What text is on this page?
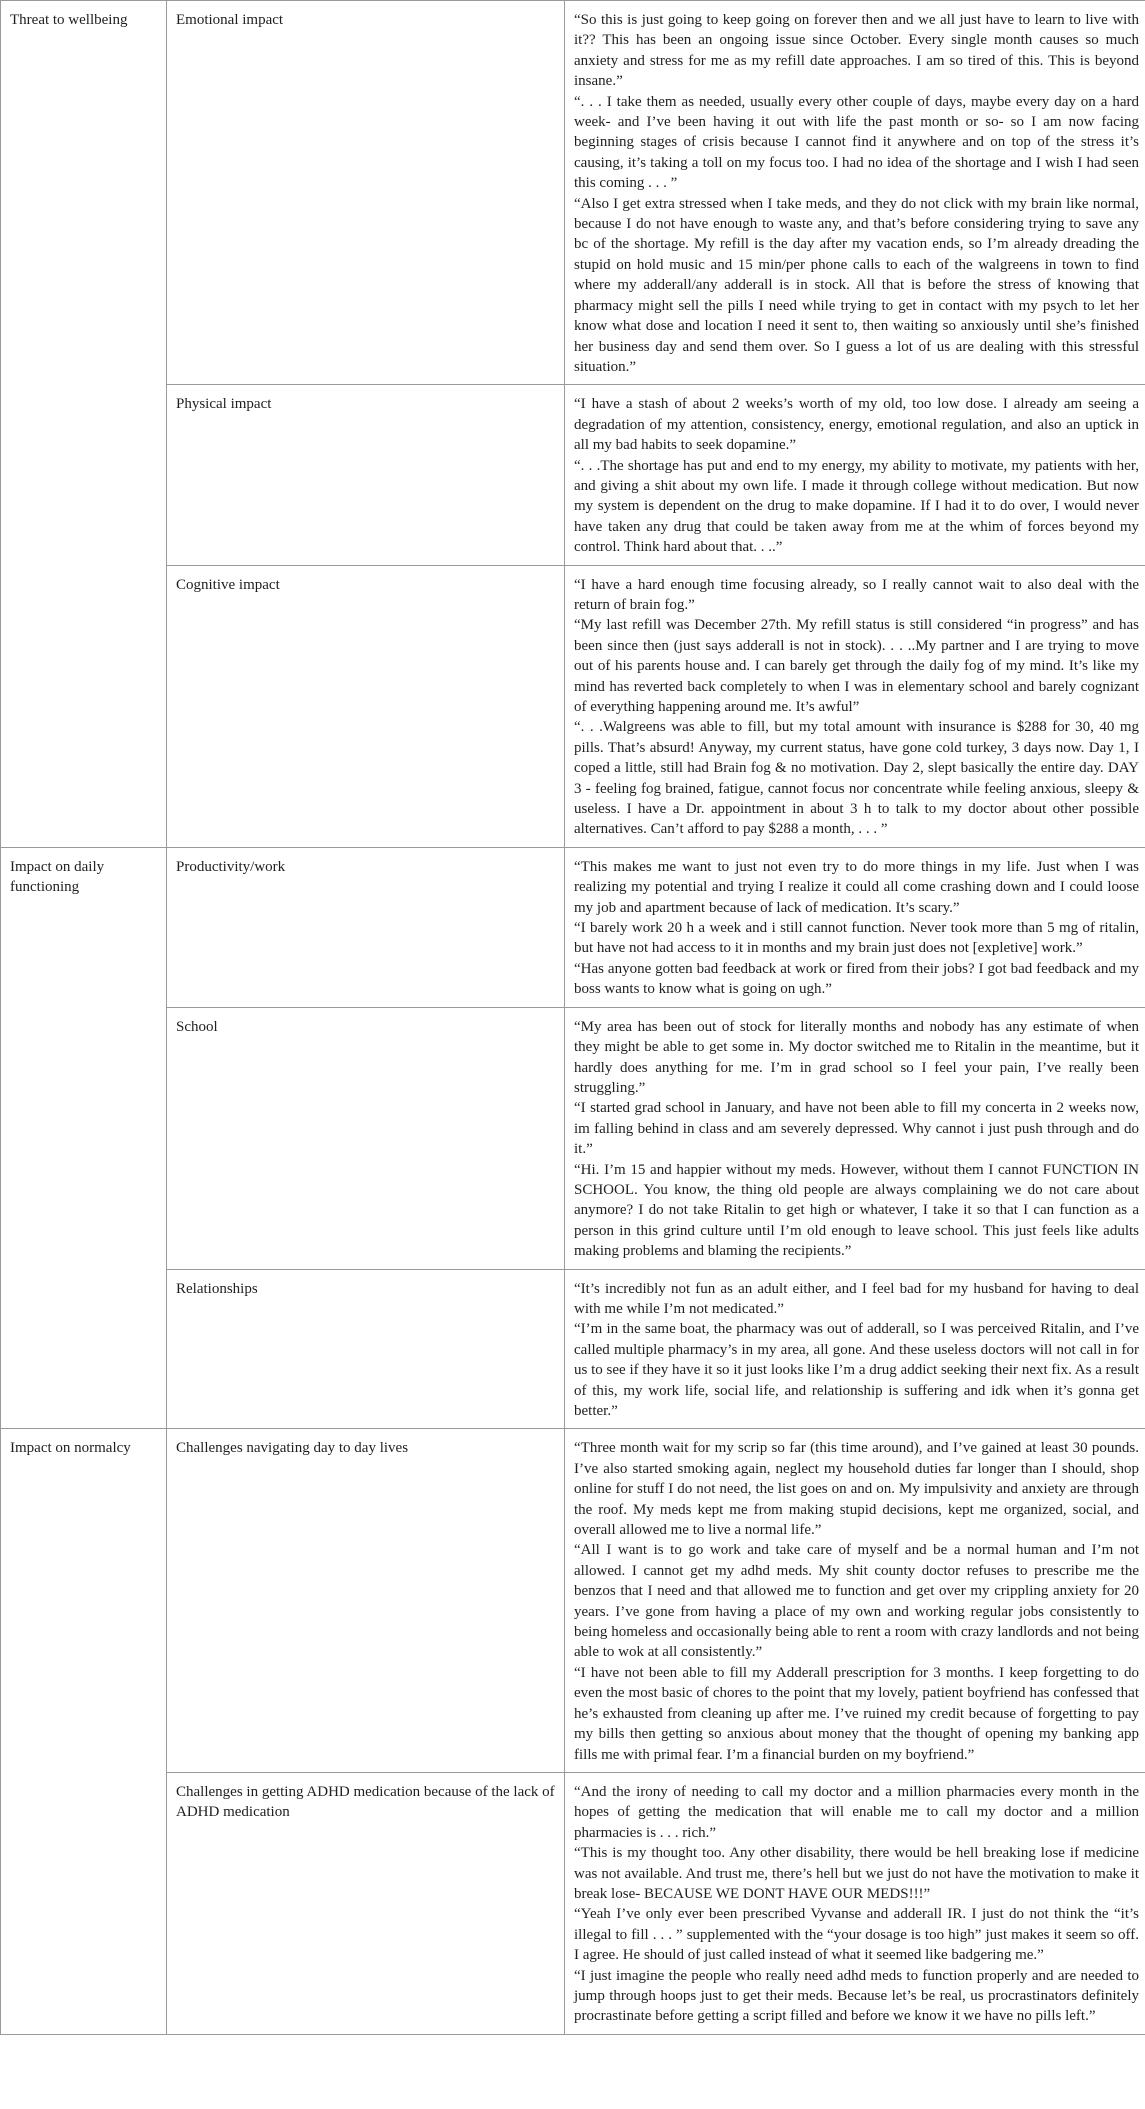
Threat to wellbeing	Emotional impact	“So this is just going to keep going on forever then and we all just have to learn to live with it?? This has been an ongoing issue since October. Every single month causes so much anxiety and stress for me as my refill date approaches. I am so tired of this. This is beyond insane.”
“. . . I take them as needed, usually every other couple of days, maybe every day on a hard week- and I’ve been having it out with life the past month or so- so I am now facing beginning stages of crisis because I cannot find it anywhere and on top of the stress it’s causing, it’s taking a toll on my focus too. I had no idea of the shortage and I wish I had seen this coming . . . ”
“Also I get extra stressed when I take meds, and they do not click with my brain like normal, because I do not have enough to waste any, and that’s before considering trying to save any bc of the shortage. My refill is the day after my vacation ends, so I’m already dreading the stupid on hold music and 15 min/per phone calls to each of the walgreens in town to find where my adderall/any adderall is in stock. All that is before the stress of knowing that pharmacy might sell the pills I need while trying to get in contact with my psych to let her know what dose and location I need it sent to, then waiting so anxiously until she’s finished her business day and send them over. So I guess a lot of us are dealing with this stressful situation.”

	Physical impact	“I have a stash of about 2 weeks’s worth of my old, too low dose. I already am seeing a degradation of my attention, consistency, energy, emotional regulation, and also an uptick in all my bad habits to seek dopamine.”
“. . .The shortage has put and end to my energy, my ability to motivate, my patients with her, and giving a shit about my own life. I made it through college without medication. But now my system is dependent on the drug to make dopamine. If I had it to do over, I would never have taken any drug that could be taken away from me at the whim of forces beyond my control. Think hard about that. . ..”

	Cognitive impact	“I have a hard enough time focusing already, so I really cannot wait to also deal with the return of brain fog.”
“My last refill was December 27th. My refill status is still considered “in progress” and has been since then (just says adderall is not in stock). . . ..My partner and I are trying to move out of his parents house and. I can barely get through the daily fog of my mind. It’s like my mind has reverted back completely to when I was in elementary school and barely cognizant of everything happening around me. It’s awful”
“. . .Walgreens was able to fill, but my total amount with insurance is $288 for 30, 40 mg pills. That’s absurd! Anyway, my current status, have gone cold turkey, 3 days now. Day 1, I coped a little, still had Brain fog & no motivation. Day 2, slept basically the entire day. DAY 3 - feeling fog brained, fatigue, cannot focus nor concentrate while feeling anxious, sleepy & useless. I have a Dr. appointment in about 3 h to talk to my doctor about other possible alternatives. Can’t afford to pay $288 a month, . . . ”

Impact on daily functioning	Productivity/work	“This makes me want to just not even try to do more things in my life. Just when I was realizing my potential and trying I realize it could all come crashing down and I could loose my job and apartment because of lack of medication. It’s scary.”
“I barely work 20 h a week and i still cannot function. Never took more than 5 mg of ritalin, but have not had access to it in months and my brain just does not [expletive] work.”
“Has anyone gotten bad feedback at work or fired from their jobs? I got bad feedback and my boss wants to know what is going on ugh.”

	School	“My area has been out of stock for literally months and nobody has any estimate of when they might be able to get some in. My doctor switched me to Ritalin in the meantime, but it hardly does anything for me. I’m in grad school so I feel your pain, I’ve really been struggling.”
“I started grad school in January, and have not been able to fill my concerta in 2 weeks now, im falling behind in class and am severely depressed. Why cannot i just push through and do it.”
“Hi. I’m 15 and happier without my meds. However, without them I cannot FUNCTION IN SCHOOL. You know, the thing old people are always complaining we do not care about anymore? I do not take Ritalin to get high or whatever, I take it so that I can function as a person in this grind culture until I’m old enough to leave school. This just feels like adults making problems and blaming the recipients.”

	Relationships	“It’s incredibly not fun as an adult either, and I feel bad for my husband for having to deal with me while I’m not medicated.”
“I’m in the same boat, the pharmacy was out of adderall, so I was perceived Ritalin, and I’ve called multiple pharmacy’s in my area, all gone. And these useless doctors will not call in for us to see if they have it so it just looks like I’m a drug addict seeking their next fix. As a result of this, my work life, social life, and relationship is suffering and idk when it’s gonna get better.”

Impact on normalcy	Challenges navigating day to day lives	“Three month wait for my scrip so far (this time around), and I’ve gained at least 30 pounds. I’ve also started smoking again, neglect my household duties far longer than I should, shop online for stuff I do not need, the list goes on and on. My impulsivity and anxiety are through the roof. My meds kept me from making stupid decisions, kept me organized, social, and overall allowed me to live a normal life.”
“All I want is to go work and take care of myself and be a normal human and I’m not allowed. I cannot get my adhd meds. My shit county doctor refuses to prescribe me the benzos that I need and that allowed me to function and get over my crippling anxiety for 20 years. I’ve gone from having a place of my own and working regular jobs consistently to being homeless and occasionally being able to rent a room with crazy landlords and not being able to wok at all consistently.”
“I have not been able to fill my Adderall prescription for 3 months. I keep forgetting to do even the most basic of chores to the point that my lovely, patient boyfriend has confessed that he’s exhausted from cleaning up after me. I’ve ruined my credit because of forgetting to pay my bills then getting so anxious about money that the thought of opening my banking app fills me with primal fear. I’m a financial burden on my boyfriend.”

	Challenges in getting ADHD medication because of the lack of ADHD medication	“And the irony of needing to call my doctor and a million pharmacies every month in the hopes of getting the medication that will enable me to call my doctor and a million pharmacies is . . . rich.”
“This is my thought too. Any other disability, there would be hell breaking lose if medicine was not available. And trust me, there’s hell but we just do not have the motivation to make it break lose- BECAUSE WE DONT HAVE OUR MEDS!!!”
“Yeah I’ve only ever been prescribed Vyvanse and adderall IR. I just do not think the “it’s illegal to fill . . . ” supplemented with the “your dosage is too high” just makes it seem so off. I agree. He should of just called instead of what it seemed like badgering me.”
“I just imagine the people who really need adhd meds to function properly and are needed to jump through hoops just to get their meds. Because let’s be real, us procrastinators definitely procrastinate before getting a script filled and before we know it we have no pills left.”
